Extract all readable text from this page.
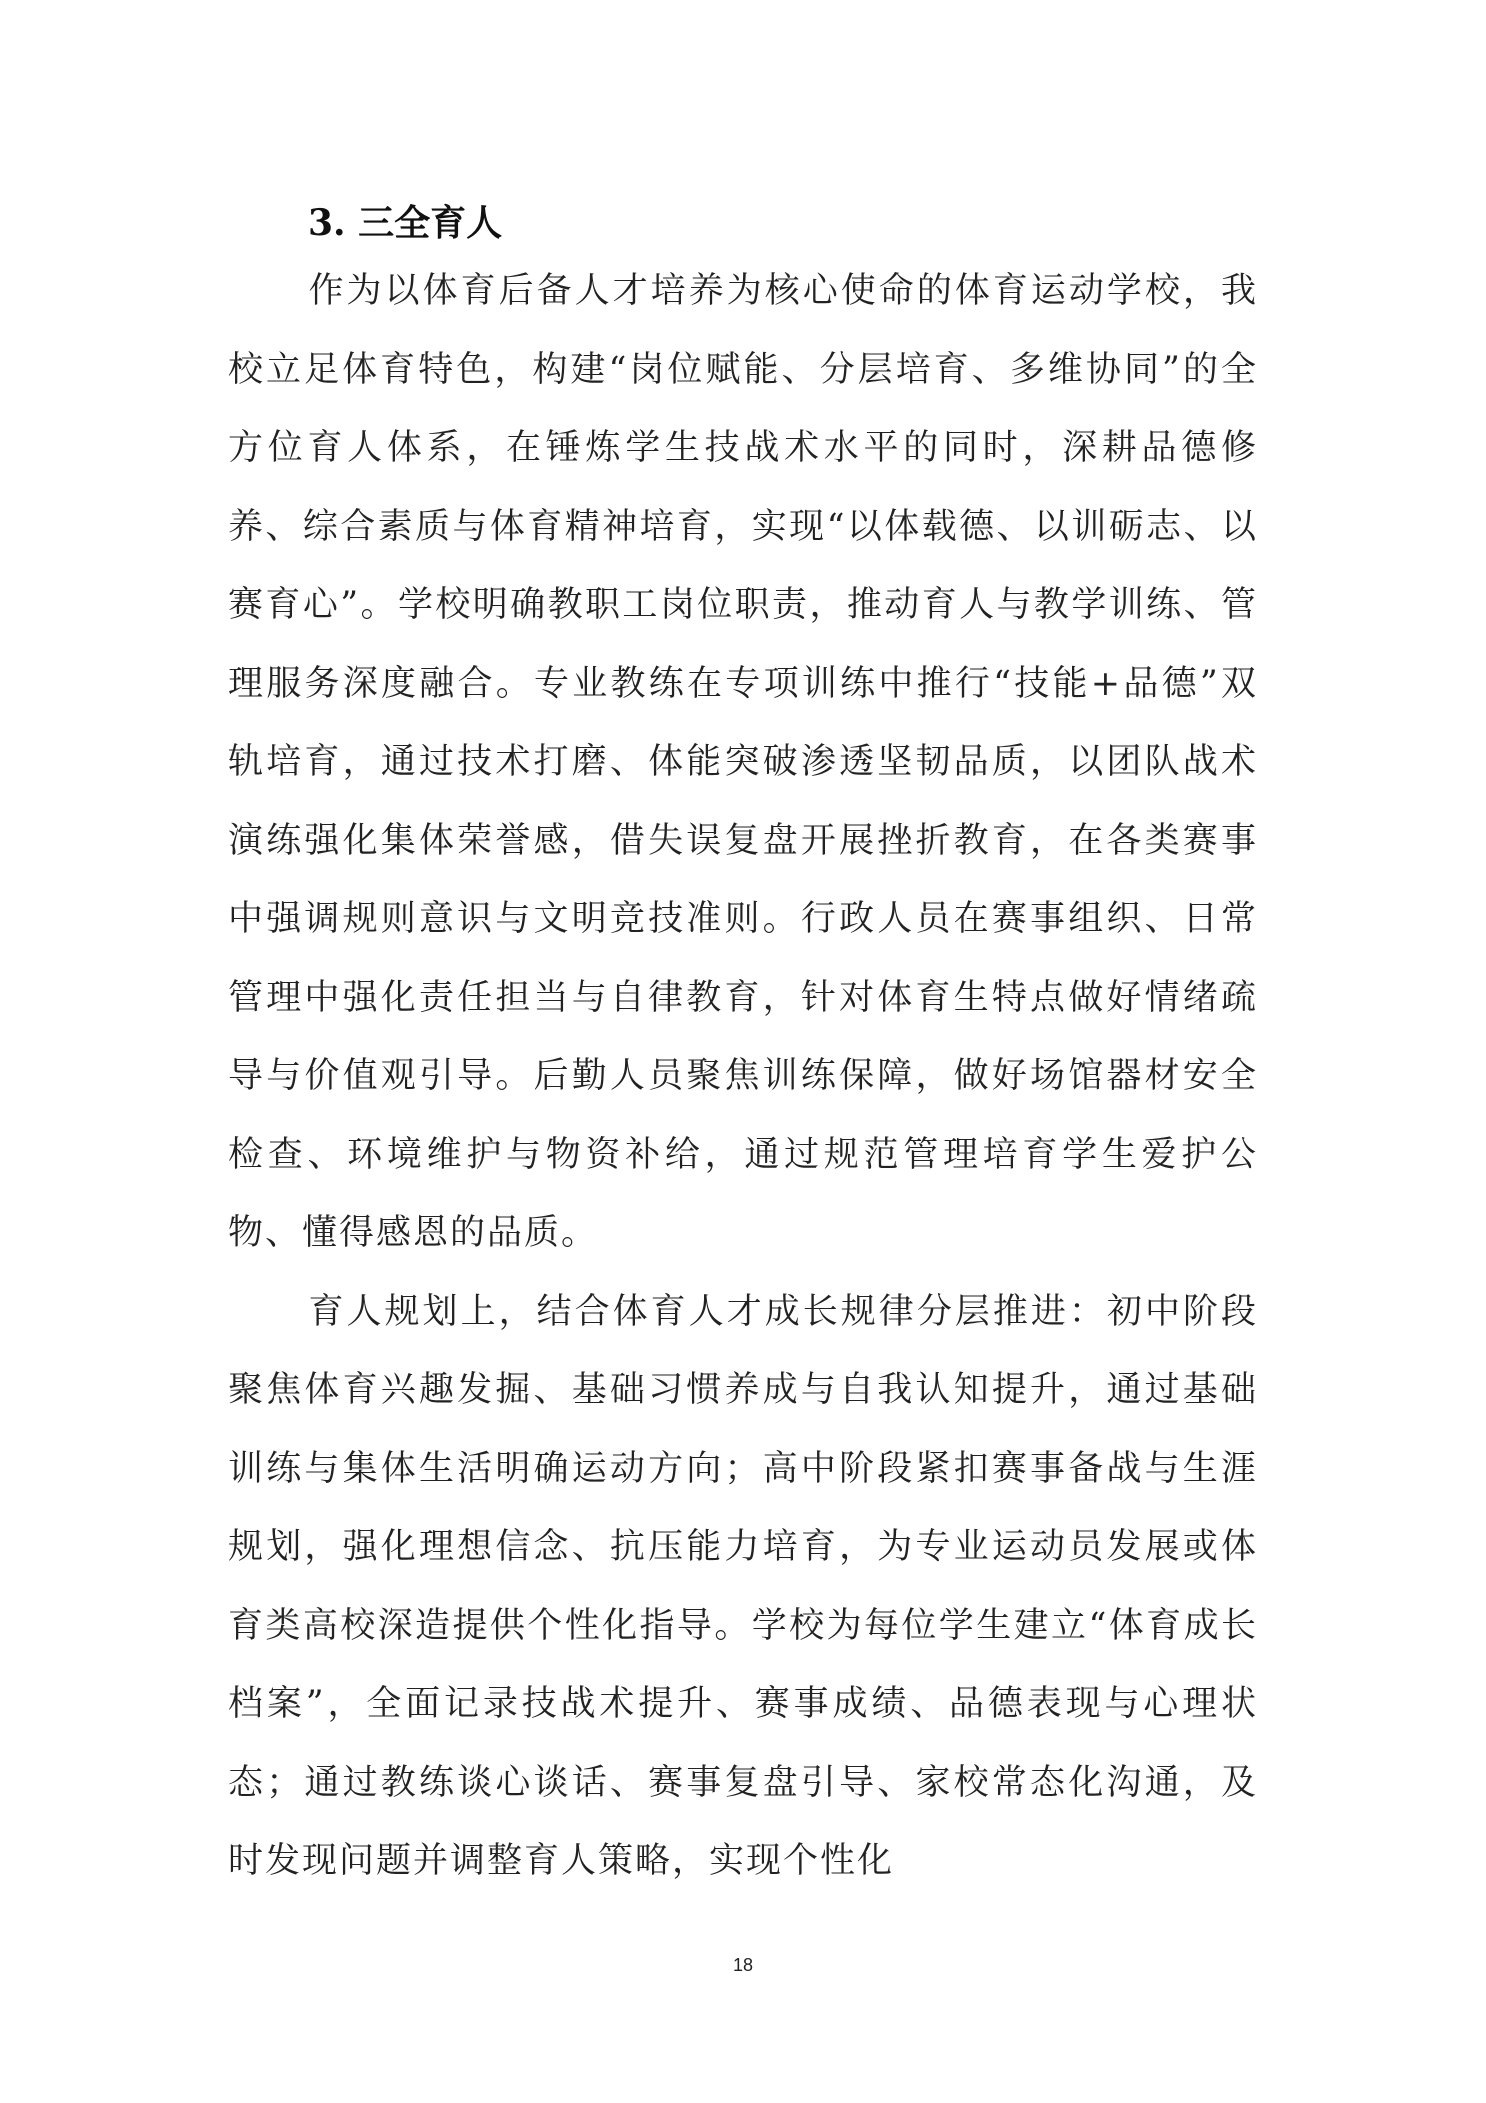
3. 三全育人

作为以体育后备人才培养为核心使命的体育运动学校，我校立足体育特色，构建“岗位赋能、分层培育、多维协同”的全方位育人体系，在锤炼学生技战术水平的同时，深耕品德修养、综合素质与体育精神培育，实现“以体载德、以训砺志、以赛育心”。学校明确教职工岗位职责，推动育人与教学训练、管理服务深度融合。专业教练在专项训练中推行“技能+品德”双轨培育，通过技术打磨、体能突破渗透坚韧品质，以团队战术演练强化集体荣誉感，借失误复盘开展挫折教育，在各类赛事中强调规则意识与文明竞技准则。行政人员在赛事组织、日常管理中强化责任担当与自律教育，针对体育生特点做好情绪疏导与价值观引导。后勤人员聚焦训练保障，做好场馆器材安全检查、环境维护与物资补给，通过规范管理培育学生爱护公物、懂得感恩的品质。

育人规划上，结合体育人才成长规律分层推进：初中阶段聚焦体育兴趣发掘、基础习惯养成与自我认知提升，通过基础训练与集体生活明确运动方向；高中阶段紧扣赛事备战与生涯规划，强化理想信念、抗压能力培育，为专业运动员发展或体育类高校深造提供个性化指导。学校为每位学生建立“体育成长档案”，全面记录技战术提升、赛事成绩、品德表现与心理状态；通过教练谈心谈话、赛事复盘引导、家校常态化沟通，及时发现问题并调整育人策略，实现个性化

18
